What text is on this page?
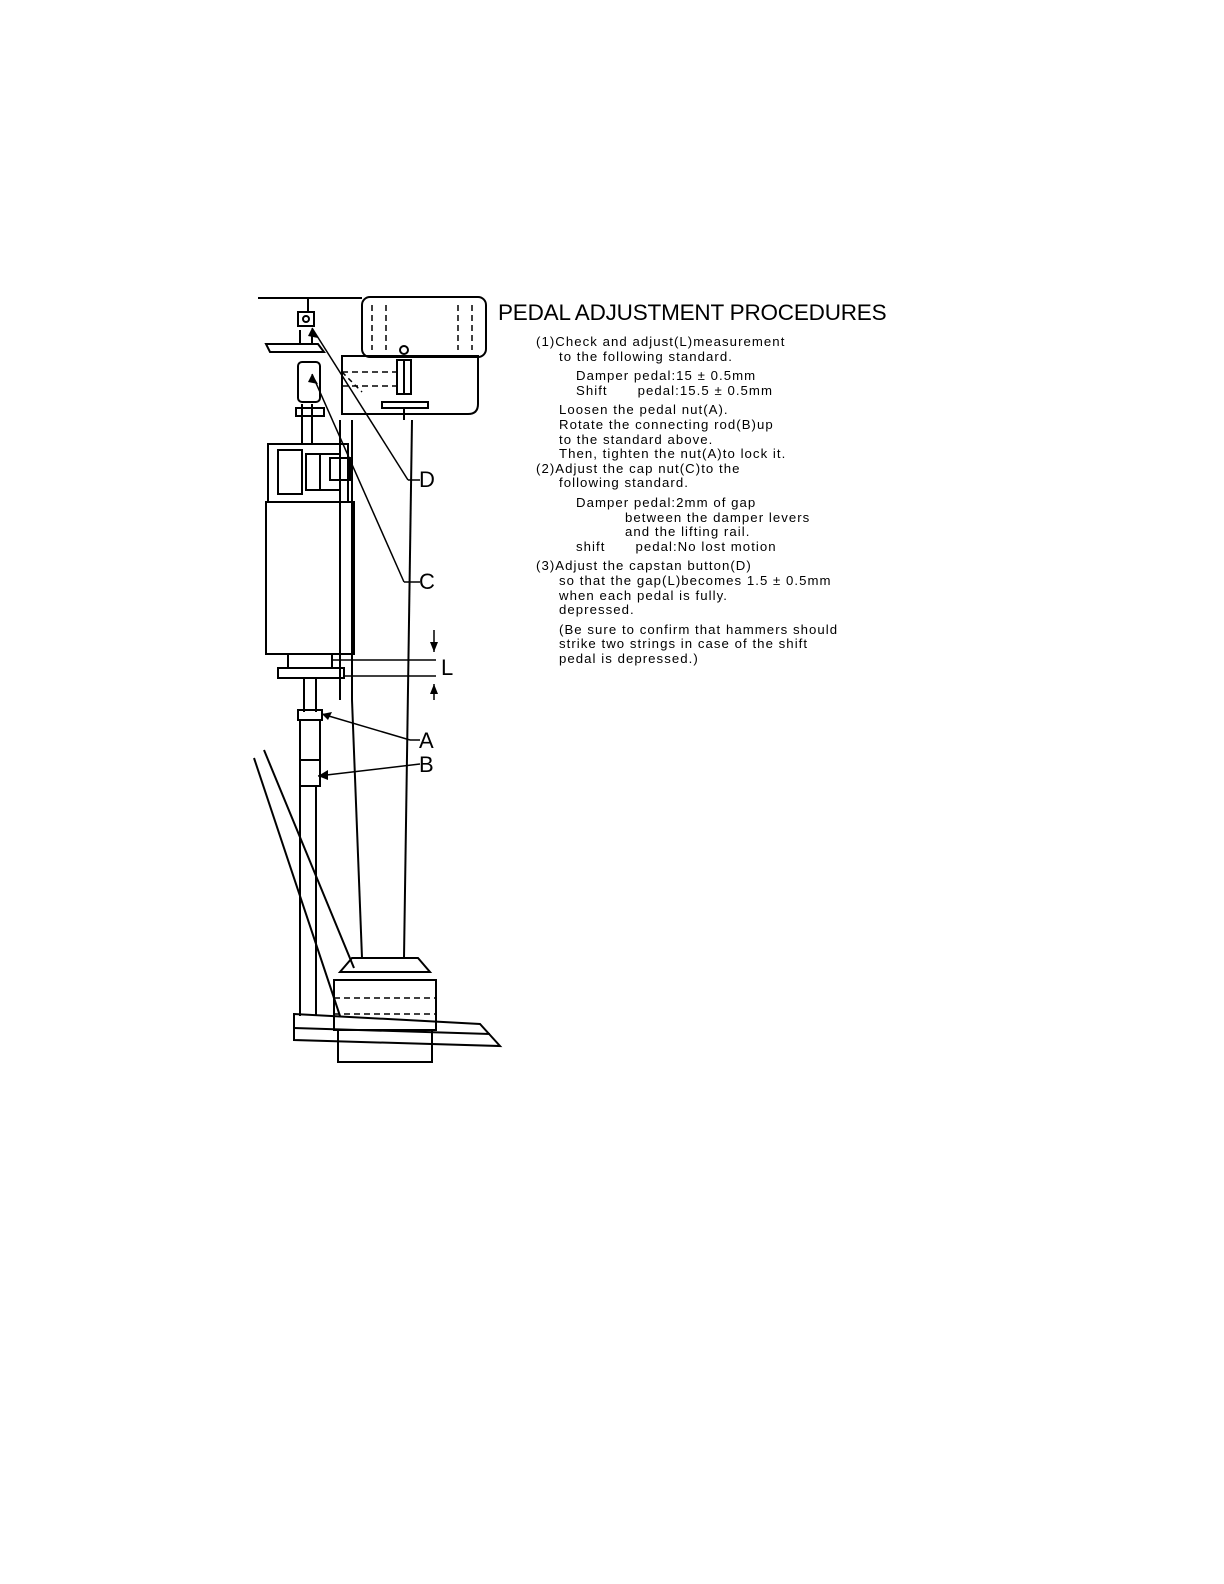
D
C
L
A
B
PEDAL ADJUSTMENT PROCEDURES
(1)Check and adjust(L)measurement
to the following standard.
Damper pedal:15 ± 0.5mm
Shift pedal:15.5 ± 0.5mm
Loosen the pedal nut(A).
Rotate the connecting rod(B)up
to the standard above.
Then, tighten the nut(A)to lock it.
(2)Adjust the cap nut(C)to the
following standard.
Damper pedal:2mm of gap
between the damper levers
and the lifting rail.
shift pedal:No lost motion
(3)Adjust the capstan button(D)
so that the gap(L)becomes 1.5 ± 0.5mm
when each pedal is fully.
depressed.
(Be sure to confirm that hammers should
strike two strings in case of the shift
pedal is depressed.)
